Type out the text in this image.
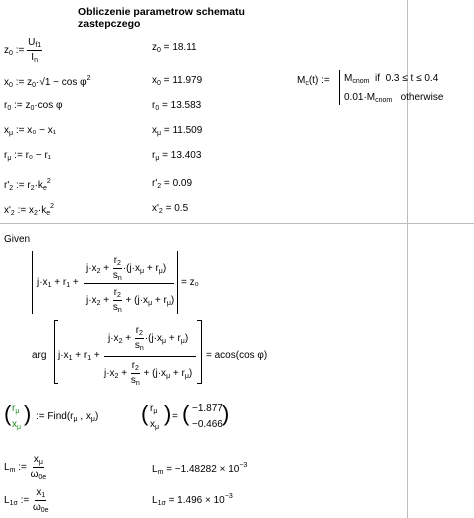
Obliczenie parametrow schematu
zastepczego
$z_0$ := $\frac{U_{f1}}{I_n}$
$x_0$ := $z_0\cdot√1 - \cos \varphi^2$
$r_0$ := $z_0\cdot\cos$ φ
$x_\mu$ := x₀ − x₁
$r_\mu$ := r₀ − r₁
$r'_2$ := $r_2\cdot k_e^2$
$x'_2$ := $x_2\cdot k_e^2$
$z_0 = 18.11$
$x_0 = 11.979$
$r_0 = 13.583$
$x_\mu = 11.509$
$r_\mu = 13.403$
$r'_2 = 0.09$
$x'_2 = 0.5$
$M_c(t)$ := $M_{cnom}$ if 0.3 ≤ t ≤ 0.4
$0.01\cdot M_{cnom}$ otherwise
Given
$j\cdot x_1 + r_1$ +
$j\cdot x_2 + \frac{r_2}{s_n} \cdot(j\cdot x_\mu + r_\mu)$
$j\cdot x_2 + \frac{r_2}{s_n} + (j\cdot x_\mu + r_\mu)$
= z₀
arg $j\cdot x_1 + r_1$ +
$j\cdot x_2 + \frac{r_2}{s_n} \cdot(j\cdot x_\mu + r_\mu)$
$j\cdot x_2 + \frac{r_2}{s_n} + (j\cdot x_\mu + r_\mu)$
= acos(cos φ)
( $r_\mu$
$x_\mu$
) := $Find(r_\mu$ , $x_\mu$) ( $r_\mu$
$x_\mu$
) = ( −1.877
−0.466 )
$L_m$ := $\frac{x_\mu}{\omega_{0e}}$	$L_m = -1.48282 \times 10^{-3}$
$L_{1\sigma}$ := $\frac{x_1}{\omega_{0e}}$	$L_{1\sigma} = 1.496 \times 10^{-3}$
